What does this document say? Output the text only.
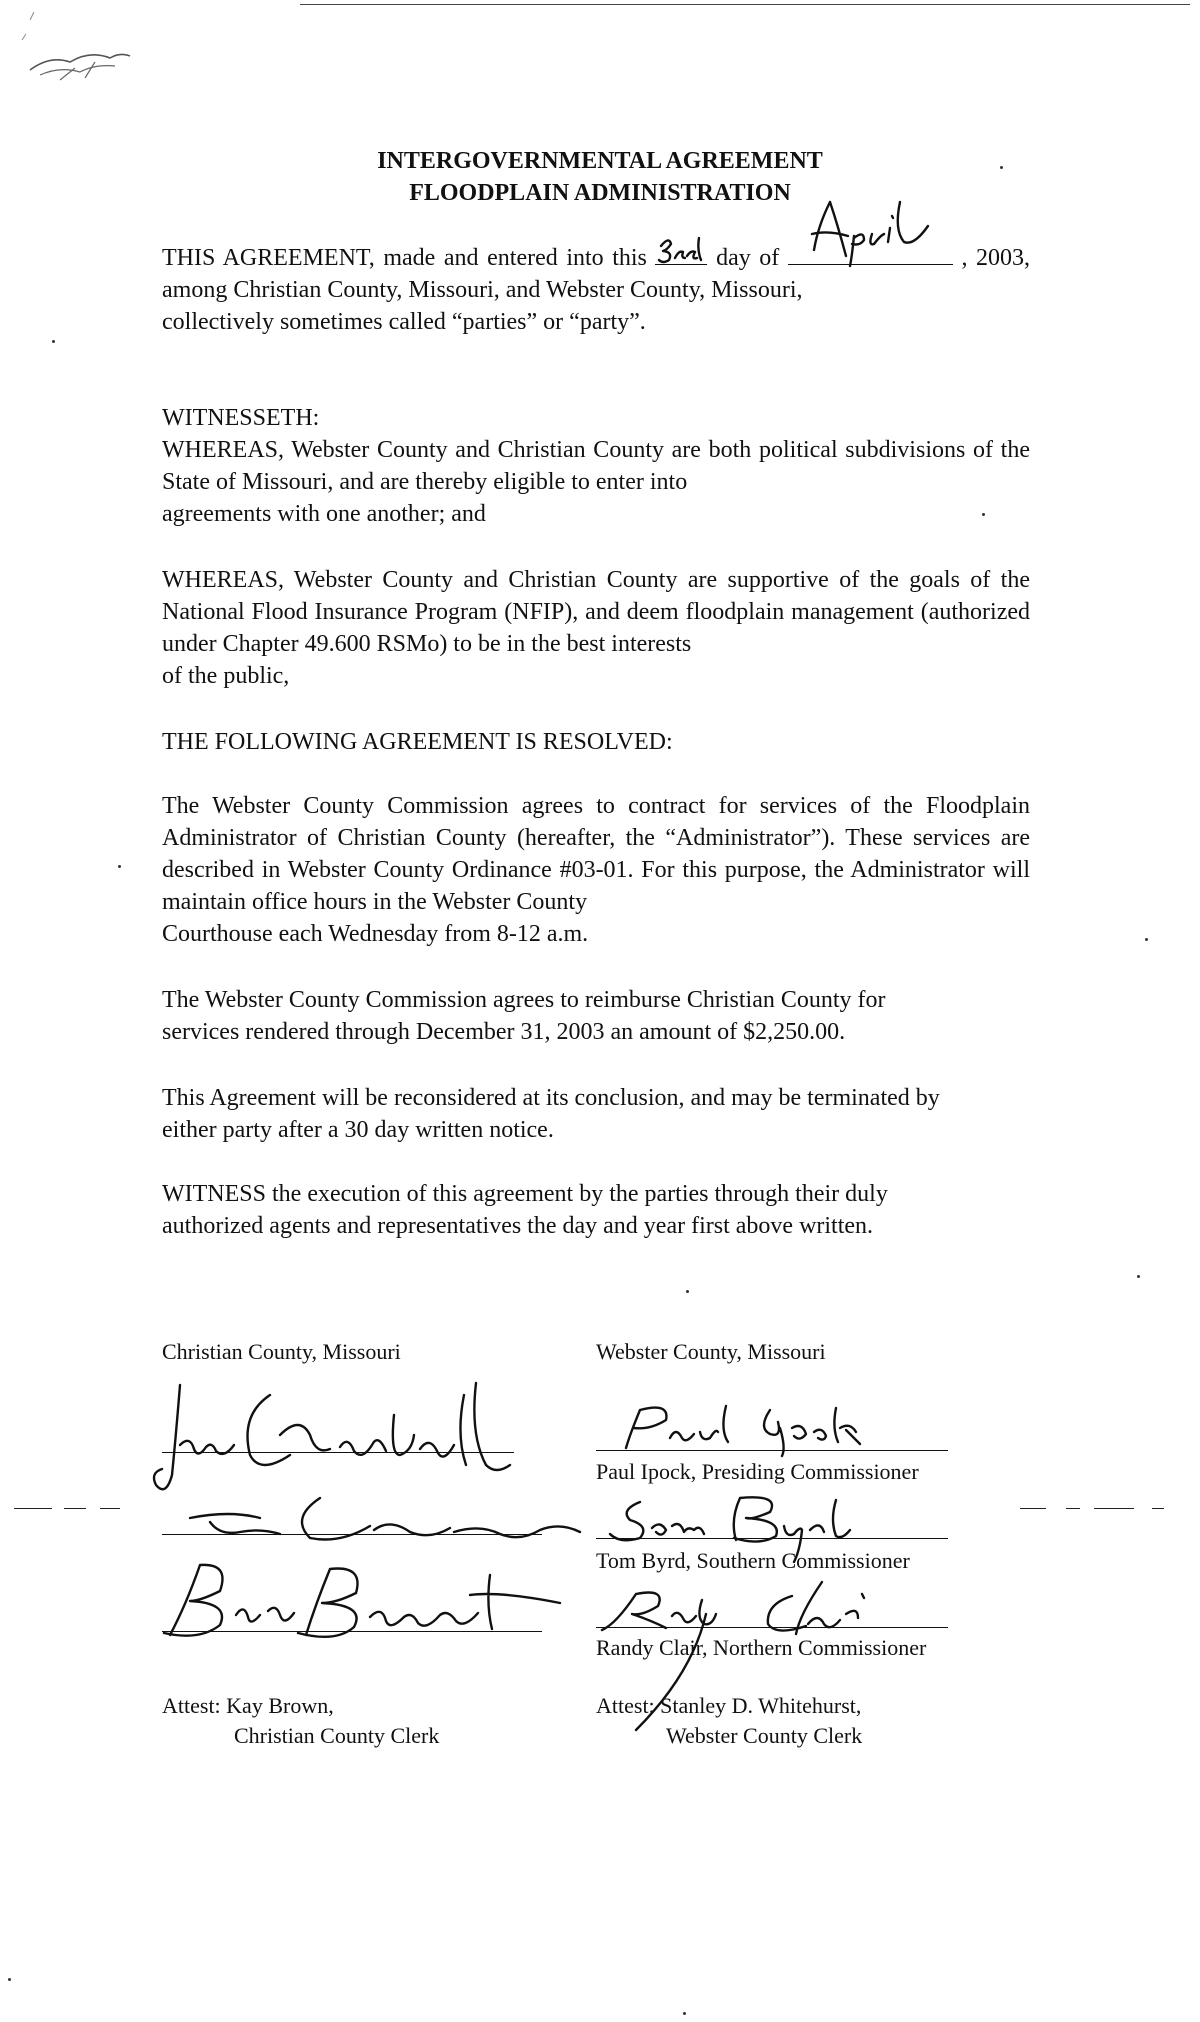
INTERGOVERNMENTAL AGREEMENT
FLOODPLAIN ADMINISTRATION
THIS AGREEMENT, made and entered into this	day of	, 2003, among Christian County, Missouri, and Webster County, Missouri,
collectively sometimes called “parties” or “party”.
WITNESSETH:
WHEREAS, Webster County and Christian County are both political subdivisions of the State of Missouri, and are thereby eligible to enter into
agreements with one another; and
WHEREAS, Webster County and Christian County are supportive of the goals of the National Flood Insurance Program (NFIP), and deem floodplain management (authorized under Chapter 49.600 RSMo) to be in the best interests
of the public,
THE FOLLOWING AGREEMENT IS RESOLVED:
The Webster County Commission agrees to contract for services of the Floodplain Administrator of Christian County (hereafter, the “Administrator”). These services are described in Webster County Ordinance #03-01. For this purpose, the Administrator will maintain office hours in the Webster County
Courthouse each Wednesday from 8-12 a.m.
The Webster County Commission agrees to reimburse Christian County for
services rendered through December 31, 2003 an amount of $2,250.00.
This Agreement will be reconsidered at its conclusion, and may be terminated by
either party after a 30 day written notice.
WITNESS the execution of this agreement by the parties through their duly
authorized agents and representatives the day and year first above written.
Christian County, Missouri
Attest: Kay Brown,
Christian County Clerk
Webster County, Missouri
Paul Ipock, Presiding Commissioner
Tom Byrd, Southern Commissioner
Randy Clair, Northern Commissioner
Attest: Stanley D. Whitehurst,
Webster County Clerk
